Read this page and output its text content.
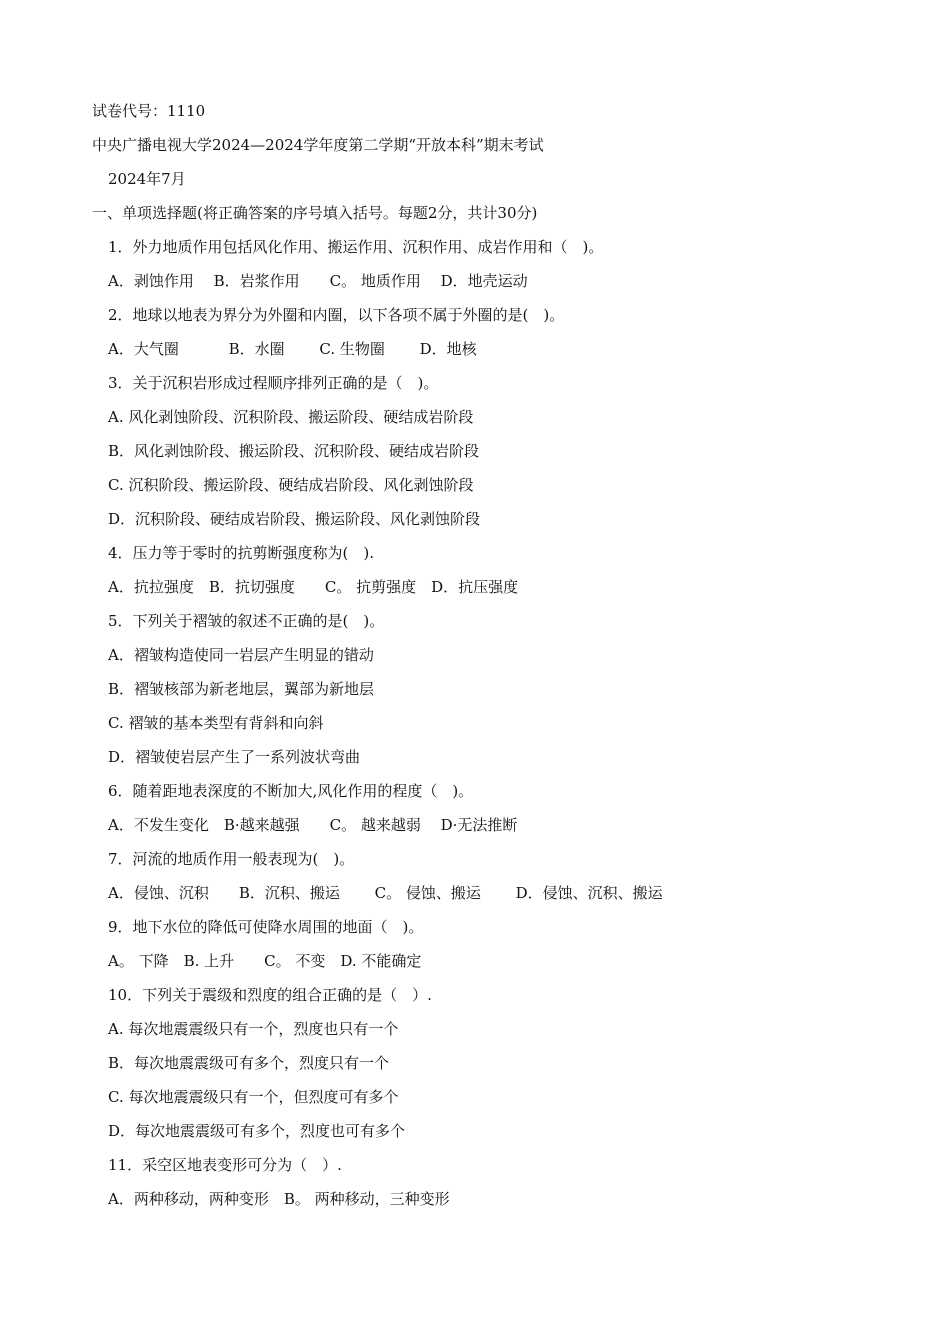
试卷代号：1110
中央广播电视大学2024—2024学年度第二学期“开放本科”期末考试
2024年7月
一、单项选择题(将正确答案的序号填入括号。每题2分，共计30分)
1．外力地质作用包括风化作用、搬运作用、沉积作用、成岩作用和（　)。
A．剥蚀作用　 B．岩浆作用　　C。 地质作用　 D．地壳运动
2．地球以地表为界分为外圈和内圈，以下各项不属于外圈的是(　)。
A．大气圈　　　 B．水圈　　 C. 生物圈　　 D．地核
3．关于沉积岩形成过程顺序排列正确的是（　)。
A. 风化剥蚀阶段、沉积阶段、搬运阶段、硬结成岩阶段
B．风化剥蚀阶段、搬运阶段、沉积阶段、硬结成岩阶段
C. 沉积阶段、搬运阶段、硬结成岩阶段、风化剥蚀阶段
D．沉积阶段、硬结成岩阶段、搬运阶段、风化剥蚀阶段
4．压力等于零时的抗剪断强度称为(　).
A．抗拉强度　B．抗切强度　　C。 抗剪强度　D．抗压强度
5．下列关于褶皱的叙述不正确的是(　)。
A．褶皱构造使同一岩层产生明显的错动
B．褶皱核部为新老地层，翼部为新地层
C. 褶皱的基本类型有背斜和向斜
D．褶皱使岩层产生了一系列波状弯曲
6．随着距地表深度的不断加大,风化作用的程度（　)。
A．不发生变化　B·越来越强　　C。 越来越弱　 D·无法推断
7．河流的地质作用一般表现为(　)。
A．侵蚀、沉积　　B．沉积、搬运　　 C。 侵蚀、搬运　　 D．侵蚀、沉积、搬运
9．地下水位的降低可使降水周围的地面（　)。
A。 下降　B. 上升　　C。 不变　D. 不能确定
10．下列关于震级和烈度的组合正确的是（　）.
A. 每次地震震级只有一个，烈度也只有一个
B．每次地震震级可有多个，烈度只有一个
C. 每次地震震级只有一个，但烈度可有多个
D．每次地震震级可有多个，烈度也可有多个
11．采空区地表变形可分为（　）.
A．两种移动，两种变形　B。 两种移动，三种变形
